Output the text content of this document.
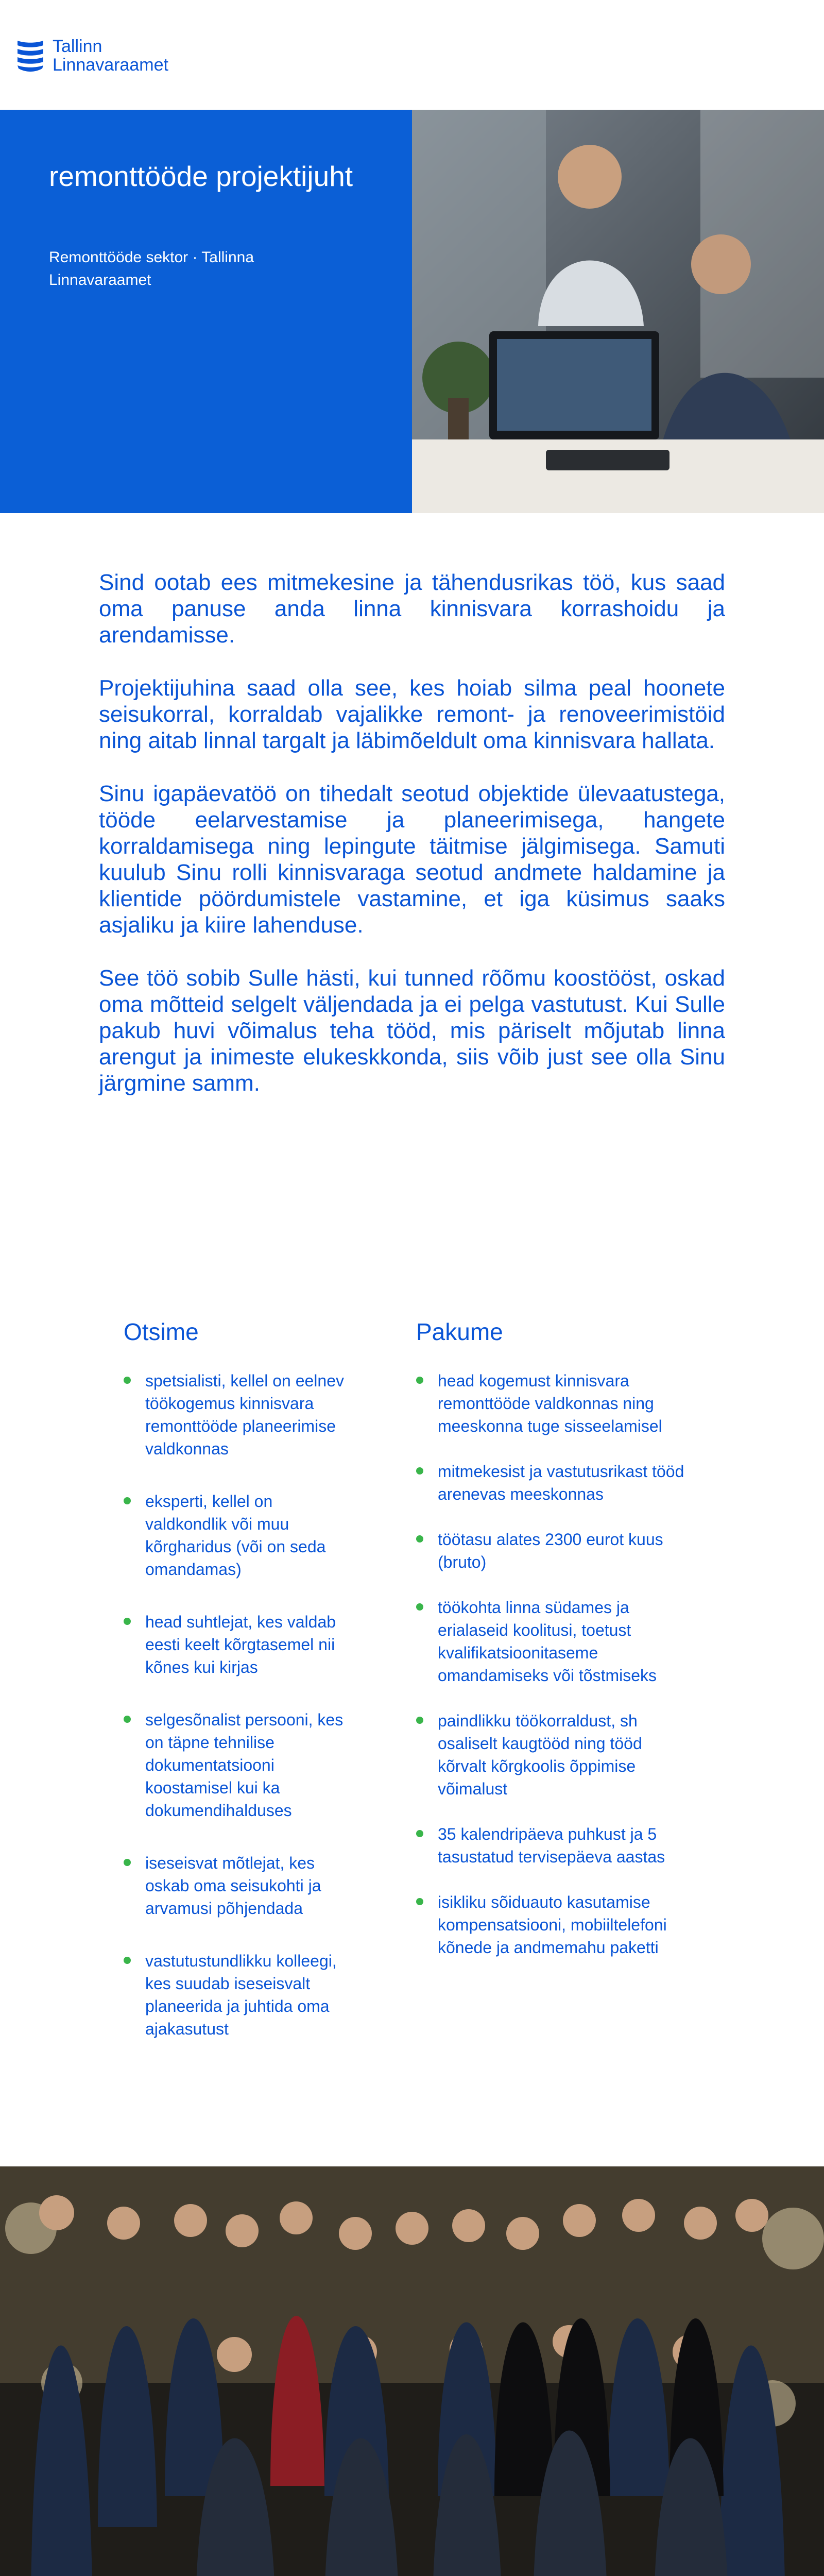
Tallinn
Linnavaraamet
remonttööde projektijuht
Remonttööde sektor · Tallinna Linnavaraamet

Sind ootab ees mitmekesine ja tähendusrikas töö, kus saad oma panuse anda linna kinnisvara korrashoidu ja arendamisse.

Projektijuhina saad olla see, kes hoiab silma peal hoonete seisukorral, korraldab vajalikke remont- ja renoveerimistöid ning aitab linnal targalt ja läbimõeldult oma kinnisvara hallata.

Sinu igapäevatöö on tihedalt seotud objektide ülevaatustega, tööde eelarvestamise ja planeerimisega, hangete korraldamisega ning lepingute täitmise jälgimisega. Samuti kuulub Sinu rolli kinnisvaraga seotud andmete haldamine ja klientide pöördumistele vastamine, et iga küsimus saaks asjaliku ja kiire lahenduse.

See töö sobib Sulle hästi, kui tunned rõõmu koostööst, oskad oma mõtteid selgelt väljendada ja ei pelga vastutust. Kui Sulle pakub huvi võimalus teha tööd, mis päriselt mõjutab linna arengut ja inimeste elukeskkonda, siis võib just see olla Sinu järgmine samm.

Otsime
spetsialisti, kellel on eelnev töökogemus kinnisvara remonttööde planeerimise valdkonnas
eksperti, kellel on valdkondlik või muu kõrgharidus (või on seda omandamas)
head suhtlejat, kes valdab eesti keelt kõrgtasemel nii kõnes kui kirjas
selgesõnalist persooni, kes on täpne tehnilise dokumentatsiooni koostamisel kui ka dokumendihalduses
iseseisvat mõtlejat, kes oskab oma seisukohti ja arvamusi põhjendada
vastutustundlikku kolleegi, kes suudab iseseisvalt planeerida ja juhtida oma ajakasutust
Pakume
head kogemust kinnisvara remonttööde valdkonnas ning meeskonna tuge sisseelamisel
mitmekesist ja vastutusrikast tööd arenevas meeskonnas
töötasu alates 2300 eurot kuus (bruto)
töökohta linna südames ja erialaseid koolitusi, toetust kvalifikatsioonitaseme omandamiseks või tõstmiseks
paindlikku töökorraldust, sh osaliselt kaugtööd ning tööd kõrvalt kõrgkoolis õppimise võimalust
35 kalendripäeva puhkust ja 5 tasustatud tervisepäeva aastas
isikliku sõiduauto kasutamise kompensatsiooni, mobiiltelefoni kõnede ja andmemahu paketti
